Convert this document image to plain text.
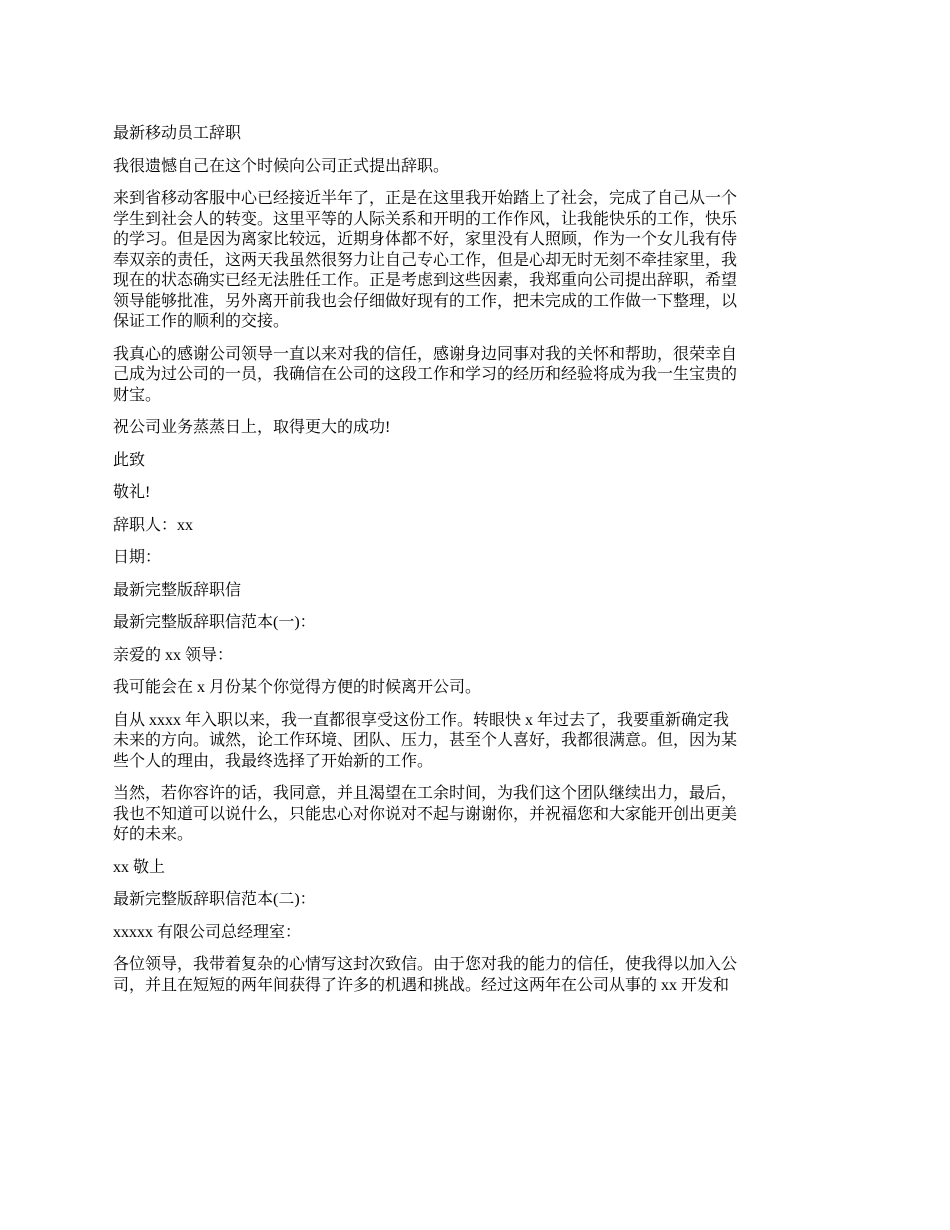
最新移动员工辞职

我很遗憾自己在这个时候向公司正式提出辞职。

来到省移动客服中心已经接近半年了，正是在这里我开始踏上了社会，完成了自己从一个
学生到社会人的转变。这里平等的人际关系和开明的工作作风，让我能快乐的工作，快乐
的学习。但是因为离家比较远，近期身体都不好，家里没有人照顾，作为一个女儿我有侍
奉双亲的责任，这两天我虽然很努力让自己专心工作，但是心却无时无刻不牵挂家里，我
现在的状态确实已经无法胜任工作。正是考虑到这些因素，我郑重向公司提出辞职，希望
领导能够批准，另外离开前我也会仔细做好现有的工作，把未完成的工作做一下整理，以
保证工作的顺利的交接。

我真心的感谢公司领导一直以来对我的信任，感谢身边同事对我的关怀和帮助，很荣幸自
己成为过公司的一员，我确信在公司的这段工作和学习的经历和经验将成为我一生宝贵的
财宝。

祝公司业务蒸蒸日上，取得更大的成功!

此致

敬礼!

辞职人：xx

日期：

最新完整版辞职信

最新完整版辞职信范本(一)：

亲爱的 xx 领导：

我可能会在 x 月份某个你觉得方便的时候离开公司。

自从 xxxx 年入职以来，我一直都很享受这份工作。转眼快 x 年过去了，我要重新确定我
未来的方向。诚然，论工作环境、团队、压力，甚至个人喜好，我都很满意。但，因为某
些个人的理由，我最终选择了开始新的工作。

当然，若你容许的话，我同意，并且渴望在工余时间，为我们这个团队继续出力，最后，
我也不知道可以说什么，只能忠心对你说对不起与谢谢你，并祝福您和大家能开创出更美
好的未来。

xx 敬上

最新完整版辞职信范本(二)：

xxxxx 有限公司总经理室：

各位领导，我带着复杂的心情写这封次致信。由于您对我的能力的信任，使我得以加入公
司，并且在短短的两年间获得了许多的机遇和挑战。经过这两年在公司从事的 xx 开发和
